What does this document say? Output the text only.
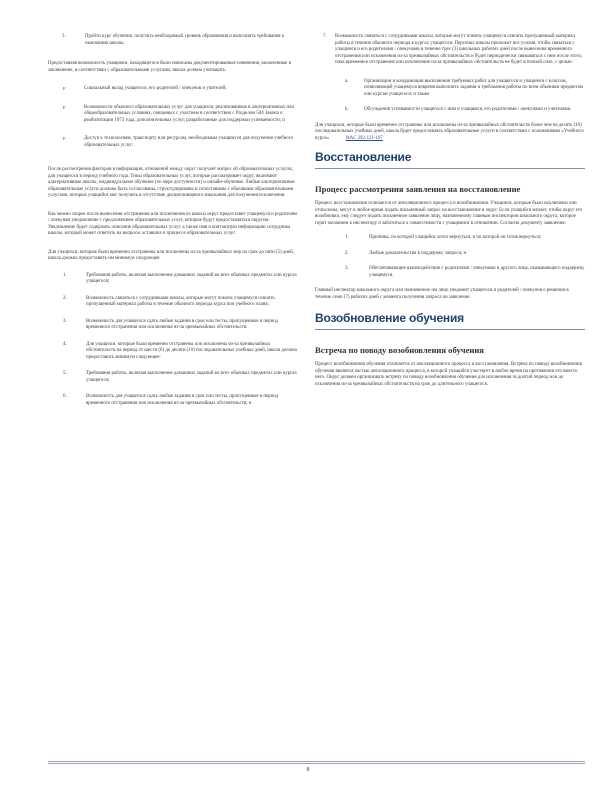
3.	Пройти курс обучения, получить необходимый уровень образования и выполнить требования к окончанию школы.

Предоставляя возможность учащимся, находящегося были написаны документированные изменения, включенные в заключение, в соответствии с образовательными услугами, школа должна учитывать:

F	Социальный вклад учащегося, его родителей / опекунов и учителей;

F	Возможности обычного образовательных услуг для учащихся, реализованные в альтернативных или общеобразовательных условиях, связанных с участием в соответствии с Разделом 504 Закона о реабилитации 1973 года, дополнительных услуг, разработанные для поддержки успеваемости; и

F	Доступ к технологиям, транспорту или ресурсам, необходимым учащемуся для получения учебного образовательных услуг.

После рассмотрения факторов в информации, отношений между округ получает вопрос об образовательных услугах, для учащегося в период учебного года. Типы образовательных услуг, которые рассматривает округ, включают альтернативные школы, индивидуальное обучение (по мере доступности) и онлайн-обучение. Любые альтернативные образовательные услуги должны быть согласованы, структурированы и сопоставимы с обычными образовательными услугами, которые учащийся мог получить в отсутствие дисциплинарного взыскания для получения исключения.

Как можно скорее после вынесения отстранения или исключения из школы округ предоставит учащемуся и родителям / опекунам уведомление с предложением образовательных услуг, которые будут предоставляться округом. Уведомление будет содержать описание образовательных услуг, а также имя и контактную информацию сотрудника школы, который может ответить на вопросы оставших в процессе образовательных услуг.

Для учащихся, которые были временно отстранены или исключены из-за чрезвычайных мер на срок до пяти (5) дней, школа должна предоставить им минимум следующее:

1.	Требования работы, включая выполнение домашних заданий во всех обычных предметах или курсах учащегося;

2.	Возможность связаться с сотрудниками школы, которые могут помочь учащемуся освоить пропущенный материал работы в течение обычного периода курса или учебного плана;

3.	Возможность для учащегося сдать любые задания в срок или тесты, пропущенные в период временного отстранения или исключения из-за чрезвычайных обстоятельств.

4.	Для учащихся, которые были временно отстранены или исключены из-за чрезвычайных обстоятельств на период от шести (6) до десяти (10) последовательных учебных дней, школа должна предоставить минимум следующее:

5.	Требования работы, включая выполнение домашних заданий во всех обычных предметах или курсах учащегося;

6.	Возможность для учащегося сдать любые задания в срок или тесты, пропущенные в период временного отстранения или исключения из-за чрезвычайных обстоятельств; и

7. Возможность связаться с сотрудниками школы, которые могут помочь учащемуся освоить пропущенный материал работы в течение обычного периода в курсах учащегося. Персонал школы приложит все усилия, чтобы связаться с учащимся и его родителями / опекунами в течение трех (3) школьных рабочих дней после вынесения временного отстранения или исключения из-за чрезвычайных обстоятельств и будет периодически связываться с ним после этого, пока временное отстранение или исключение из-за чрезвычайных обстоятельств не будет в полной силе, с целью:

a.	Организации и координации выполнения требуемых работ для учащегося и учащимся с классом, позволяющей учащемуся вовремя выполнить задания и требования работы по всем обычным предметам или курсам учащегося; и также

b.	Обсуждения успеваемости учащегося с ним и учащимся, его родителями / опекунами и учителями.

Для учащихся, которые были временно отстранены или исключены из-за чрезвычайных обстоятельств более чем на десять (10) последовательных учебных дней, школа будет предоставлять образовательные услуги в соответствии с положениями «Учебного курса»	WAC 392-121-107

Восстановление
Процесс рассмотрения заявления на восстановление

Процесс восстановления отличается от апелляционного процесса и возобновления. Учащиеся, которые были исключены или отчислены, могут в любое время подать письменный запрос на восстановление в округ. Если учащийся желает, чтобы округ его возобновил, ему следует подать письменное заявление лицу, назначенному главным инспектором школьного округа, которое горит желанием к инспектору и заботиться о совместимости с учащимися в отношении. Согласно документу заявления:

1.	Причины, по которой учащийся хотел вернуться, и по которой он готов вернуться;

2.	Любые доказательства в поддержку запроса; и

3.	Обеспечивающие взаимодействие с родителями / опекунами и другого лица, оказывающего поддержку учащемуся.

Главный инспектор школьного округа или назначенное им лицо уведомит учащегося и родителей / опекунов о решении в течение семи (7) рабочих дней с момента получения запроса на заявление.

Возобновление обучения
Встреча по поводу возобновления обучения

Процесс возобновления обучения отличается от апелляционного процесса и восстановления. Встреча по поводу возобновления обучения является частью апелляционного процесса, в которой учащийся участвует в любое время на протяжении его вместо него. Округ должен организовать встречу по поводу возобновления обучения для исключения за долгий период или до исключения из-за чрезвычайных обстоятельств на срок до длительного учащегося.

8
